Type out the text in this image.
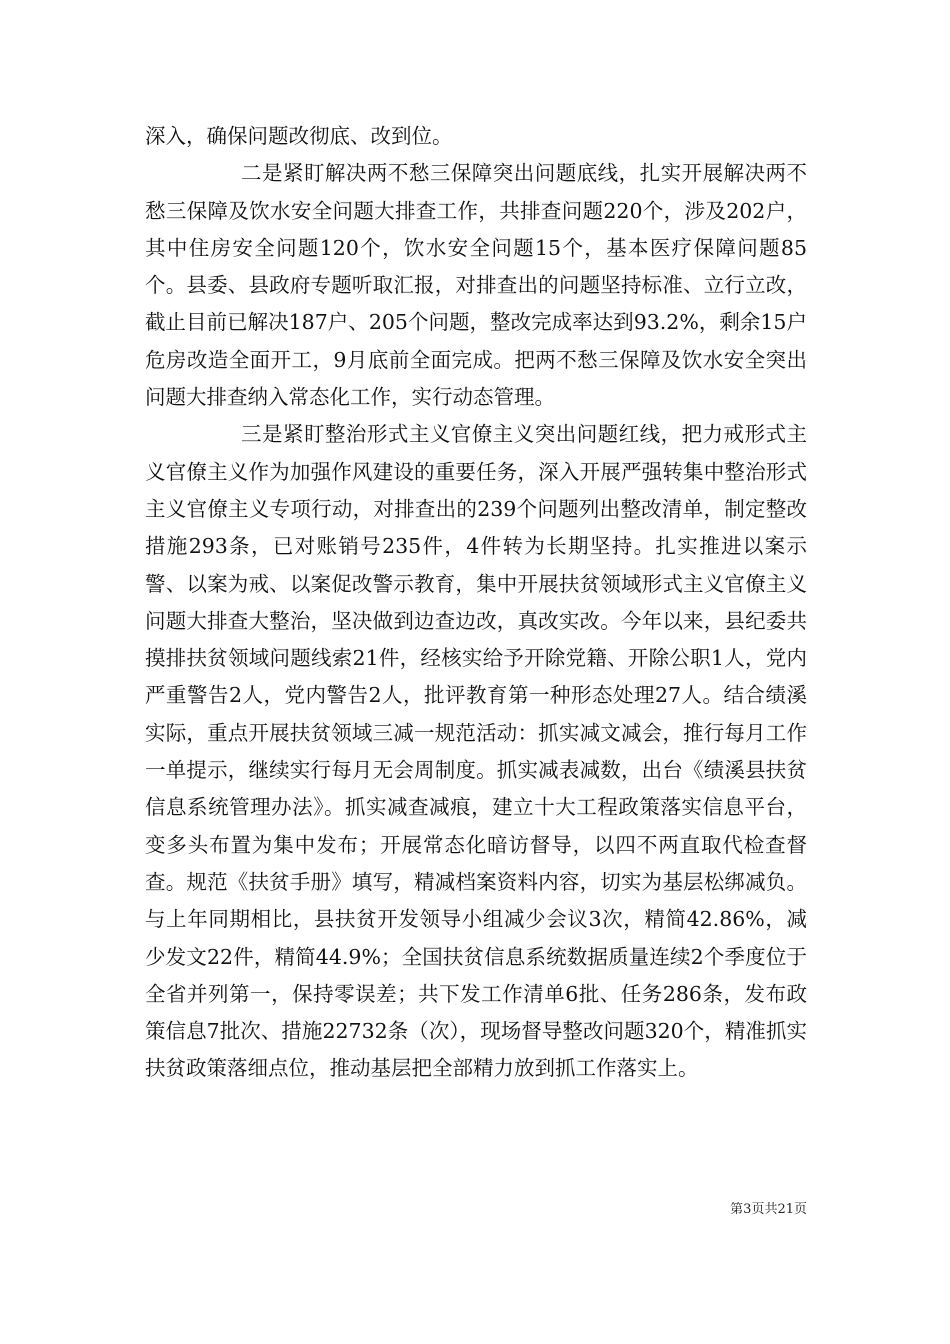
深入，确保问题改彻底、改到位。

二是紧盯解决两不愁三保障突出问题底线，扎实开展解决两不愁三保障及饮水安全问题大排查工作，共排查问题220个，涉及202户，其中住房安全问题120个，饮水安全问题15个，基本医疗保障问题85个。县委、县政府专题听取汇报，对排查出的问题坚持标准、立行立改，截止目前已解决187户、205个问题，整改完成率达到93.2%，剩余15户危房改造全面开工，9月底前全面完成。把两不愁三保障及饮水安全突出问题大排查纳入常态化工作，实行动态管理。

三是紧盯整治形式主义官僚主义突出问题红线，把力戒形式主义官僚主义作为加强作风建设的重要任务，深入开展严强转集中整治形式主义官僚主义专项行动，对排查出的239个问题列出整改清单，制定整改措施293条，已对账销号235件，4件转为长期坚持。扎实推进以案示警、以案为戒、以案促改警示教育，集中开展扶贫领域形式主义官僚主义问题大排查大整治，坚决做到边查边改，真改实改。今年以来，县纪委共摸排扶贫领域问题线索21件，经核实给予开除党籍、开除公职1人，党内严重警告2人，党内警告2人，批评教育第一种形态处理27人。结合绩溪实际，重点开展扶贫领域三减一规范活动：抓实减文减会，推行每月工作一单提示，继续实行每月无会周制度。抓实减表减数，出台《绩溪县扶贫信息系统管理办法》。抓实减查减痕，建立十大工程政策落实信息平台，变多头布置为集中发布；开展常态化暗访督导，以四不两直取代检查督查。规范《扶贫手册》填写，精减档案资料内容，切实为基层松绑减负。与上年同期相比，县扶贫开发领导小组减少会议3次，精简42.86%，减少发文22件，精简44.9%；全国扶贫信息系统数据质量连续2个季度位于全省并列第一，保持零误差；共下发工作清单6批、任务286条，发布政策信息7批次、措施22732条（次），现场督导整改问题320个，精准抓实扶贫政策落细点位，推动基层把全部精力放到抓工作落实上。

第3页共21页
